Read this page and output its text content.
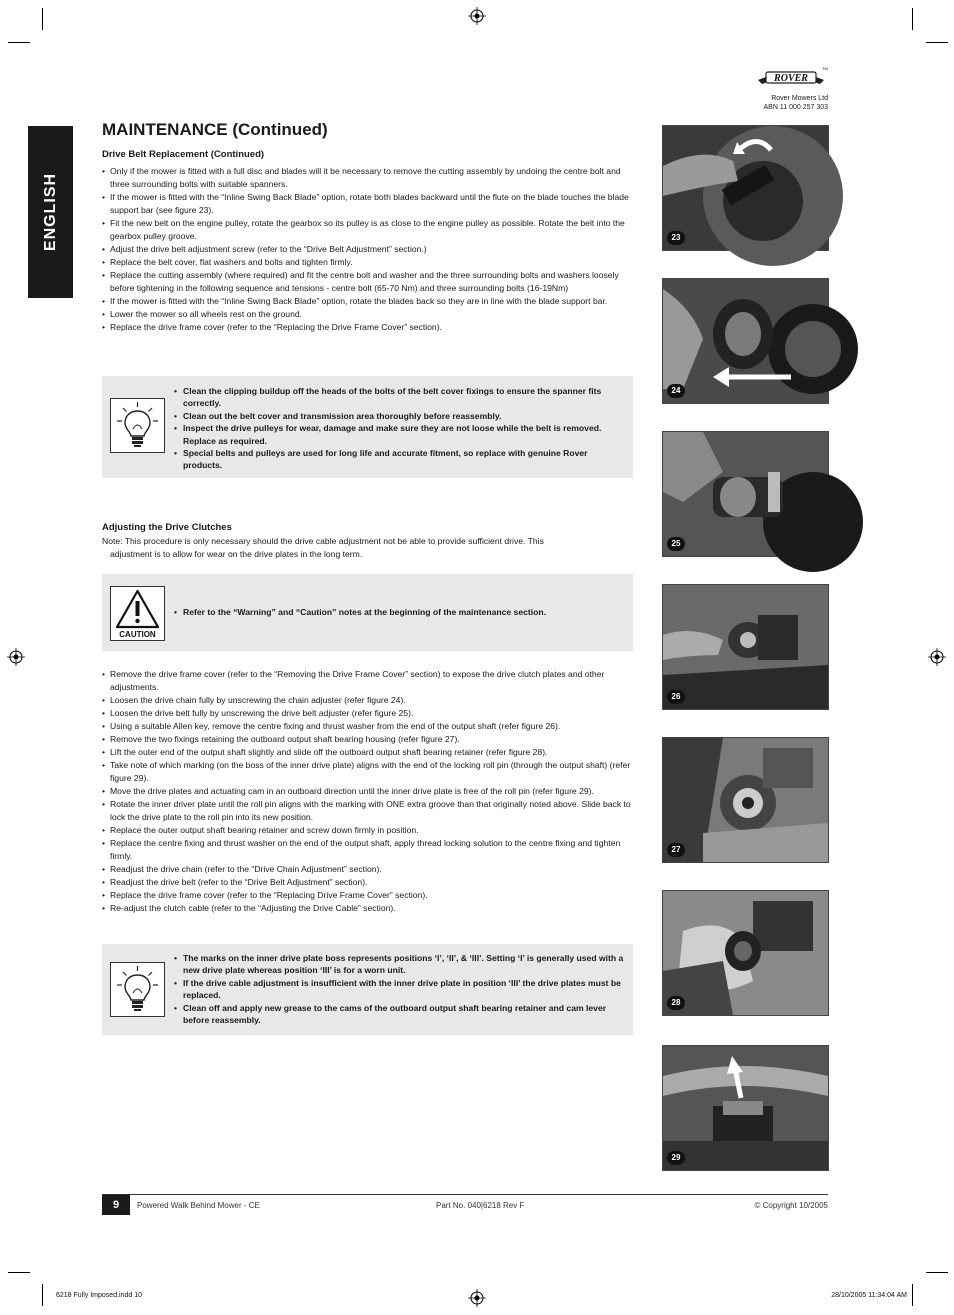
ROVER
TM
Rover Mowers Ltd
ABN 11 000 257 303
ENGLISH
MAINTENANCE (Continued)
Drive Belt Replacement (Continued)
• Only if the mower is fitted with a full disc and blades will it be necessary to remove the cutting assembly by undoing the centre bolt and three surrounding bolts with suitable spanners.
• If the mower is fitted with the “Inline Swing Back Blade” option, rotate both blades backward until the flute on the blade touches the blade support bar (see figure 23).
• Fit the new belt on the engine pulley, rotate the gearbox so its pulley is as close to the engine pulley as possible. Rotate the belt into the gearbox pulley groove.
• Adjust the drive belt adjustment screw (refer to the “Drive Belt Adjustment” section.)
• Replace the belt cover, flat washers and bolts and tighten firmly.
• Replace the cutting assembly (where required) and fit the centre bolt and washer and the three surrounding bolts and washers loosely before tightening in the following sequence and tensions - centre bolt (65-70 Nm) and three surrounding bolts (16-19Nm)
• If the mower is fitted with the “Inline Swing Back Blade” option, rotate the blades back so they are in line with the blade support bar.
• Lower the mower so all wheels rest on the ground.
• Replace the drive frame cover (refer to the “Replacing the Drive Frame Cover” section).
• Clean the clipping buildup off the heads of the bolts of the belt cover fixings to ensure the spanner fits correctly.
• Clean out the belt cover and transmission area thoroughly before reassembly.
• Inspect the drive pulleys for wear, damage and make sure they are not loose while the belt is removed. Replace as required.
• Special belts and pulleys are used for long life and accurate fitment, so replace with genuine Rover products.
Adjusting the Drive Clutches
Note: This procedure is only necessary should the drive cable adjustment not be able to provide sufficient drive. This
adjustment is to allow for wear on the drive plates in the long term.
CAUTION
• Refer to the “Warning” and “Caution” notes at the beginning of the maintenance section.
• Remove the drive frame cover (refer to the “Removing the Drive Frame Cover” section) to expose the drive clutch plates and other adjustments.
• Loosen the drive chain fully by unscrewing the chain adjuster (refer figure 24).
• Loosen the drive belt fully by unscrewing the drive belt adjuster (refer figure 25).
• Using a suitable Allen key, remove the centre fixing and thrust washer from the end of the output shaft (refer figure 26).
• Remove the two fixings retaining the outboard output shaft bearing housing (refer figure 27).
• Lift the outer end of the output shaft slightly and slide off the outboard output shaft bearing retainer (refer figure 28).
• Take note of which marking (on the boss of the inner drive plate) aligns with the end of the locking roll pin (through the output shaft) (refer figure 29).
• Move the drive plates and actuating cam in an outboard direction until the inner drive plate is free of the roll pin (refer figure 29).
• Rotate the inner driver plate until the roll pin aligns with the marking with ONE extra groove than that originally noted above. Slide back to lock the drive plate to the roll pin into its new position.
• Replace the outer output shaft bearing retainer and screw down firmly in position.
• Replace the centre fixing and thrust washer on the end of the output shaft, apply thread locking solution to the centre fixing and tighten firmly.
• Readjust the drive chain (refer to the “Drive Chain Adjustment” section).
• Readjust the drive belt (refer to the “Drive Belt Adjustment” section).
• Replace the drive frame cover (refer to the “Replacing Drive Frame Cover” section).
• Re-adjust the clutch cable (refer to the “Adjusting the Drive Cable” section).
• The marks on the inner drive plate boss represents positions ‘I’, ‘II’, & ‘III’. Setting ‘I’ is generally used with a new drive plate whereas position ‘III’ is for a worn unit.
• If the drive cable adjustment is insufficient with the inner drive plate in position ‘III’ the drive plates must be replaced.
• Clean off and apply new grease to the cams of the outboard output shaft bearing retainer and cam lever before reassembly.
23
24
25
26
27
28
29
9	Powered Walk Behind Mower - CE	Part No. 040|6218 Rev F	© Copyright 10/2005
6218 Fully Imposed.indd 10	28/10/2005 11:34:04 AM
